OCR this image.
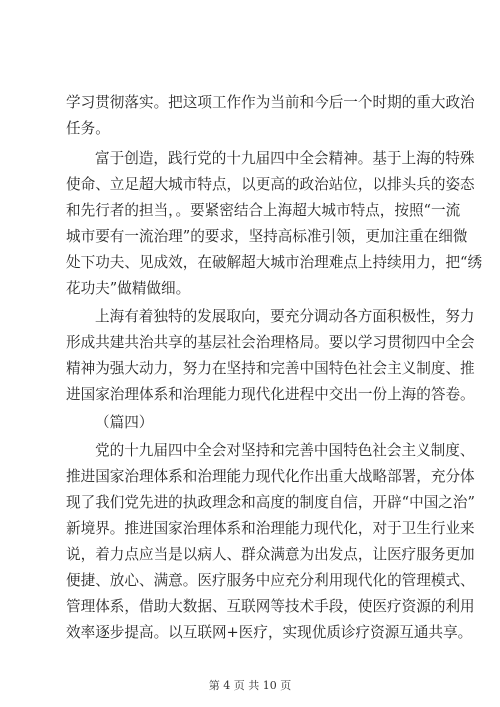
学习贯彻落实。把这项工作作为当前和今后一个时期的重大政治
任务。
富于创造，践行党的十九届四中全会精神。基于上海的特殊
使命、立足超大城市特点，以更高的政治站位，以排头兵的姿态
和先行者的担当，。要紧密结合上海超大城市特点，按照“一流
城市要有一流治理”的要求，坚持高标准引领，更加注重在细微
处下功夫、见成效，在破解超大城市治理难点上持续用力，把“绣
花功夫”做精做细。
上海有着独特的发展取向，要充分调动各方面积极性，努力
形成共建共治共享的基层社会治理格局。要以学习贯彻四中全会
精神为强大动力，努力在坚持和完善中国特色社会主义制度、推
进国家治理体系和治理能力现代化进程中交出一份上海的答卷。
（篇四）
党的十九届四中全会对坚持和完善中国特色社会主义制度、
推进国家治理体系和治理能力现代化作出重大战略部署，充分体
现了我们党先进的执政理念和高度的制度自信，开辟“中国之治”
新境界。推进国家治理体系和治理能力现代化，对于卫生行业来
说，着力点应当是以病人、群众满意为出发点，让医疗服务更加
便捷、放心、满意。医疗服务中应充分利用现代化的管理模式、
管理体系，借助大数据、互联网等技术手段，使医疗资源的利用
效率逐步提高。以互联网+医疗，实现优质诊疗资源互通共享。
第 4 页 共 10 页
